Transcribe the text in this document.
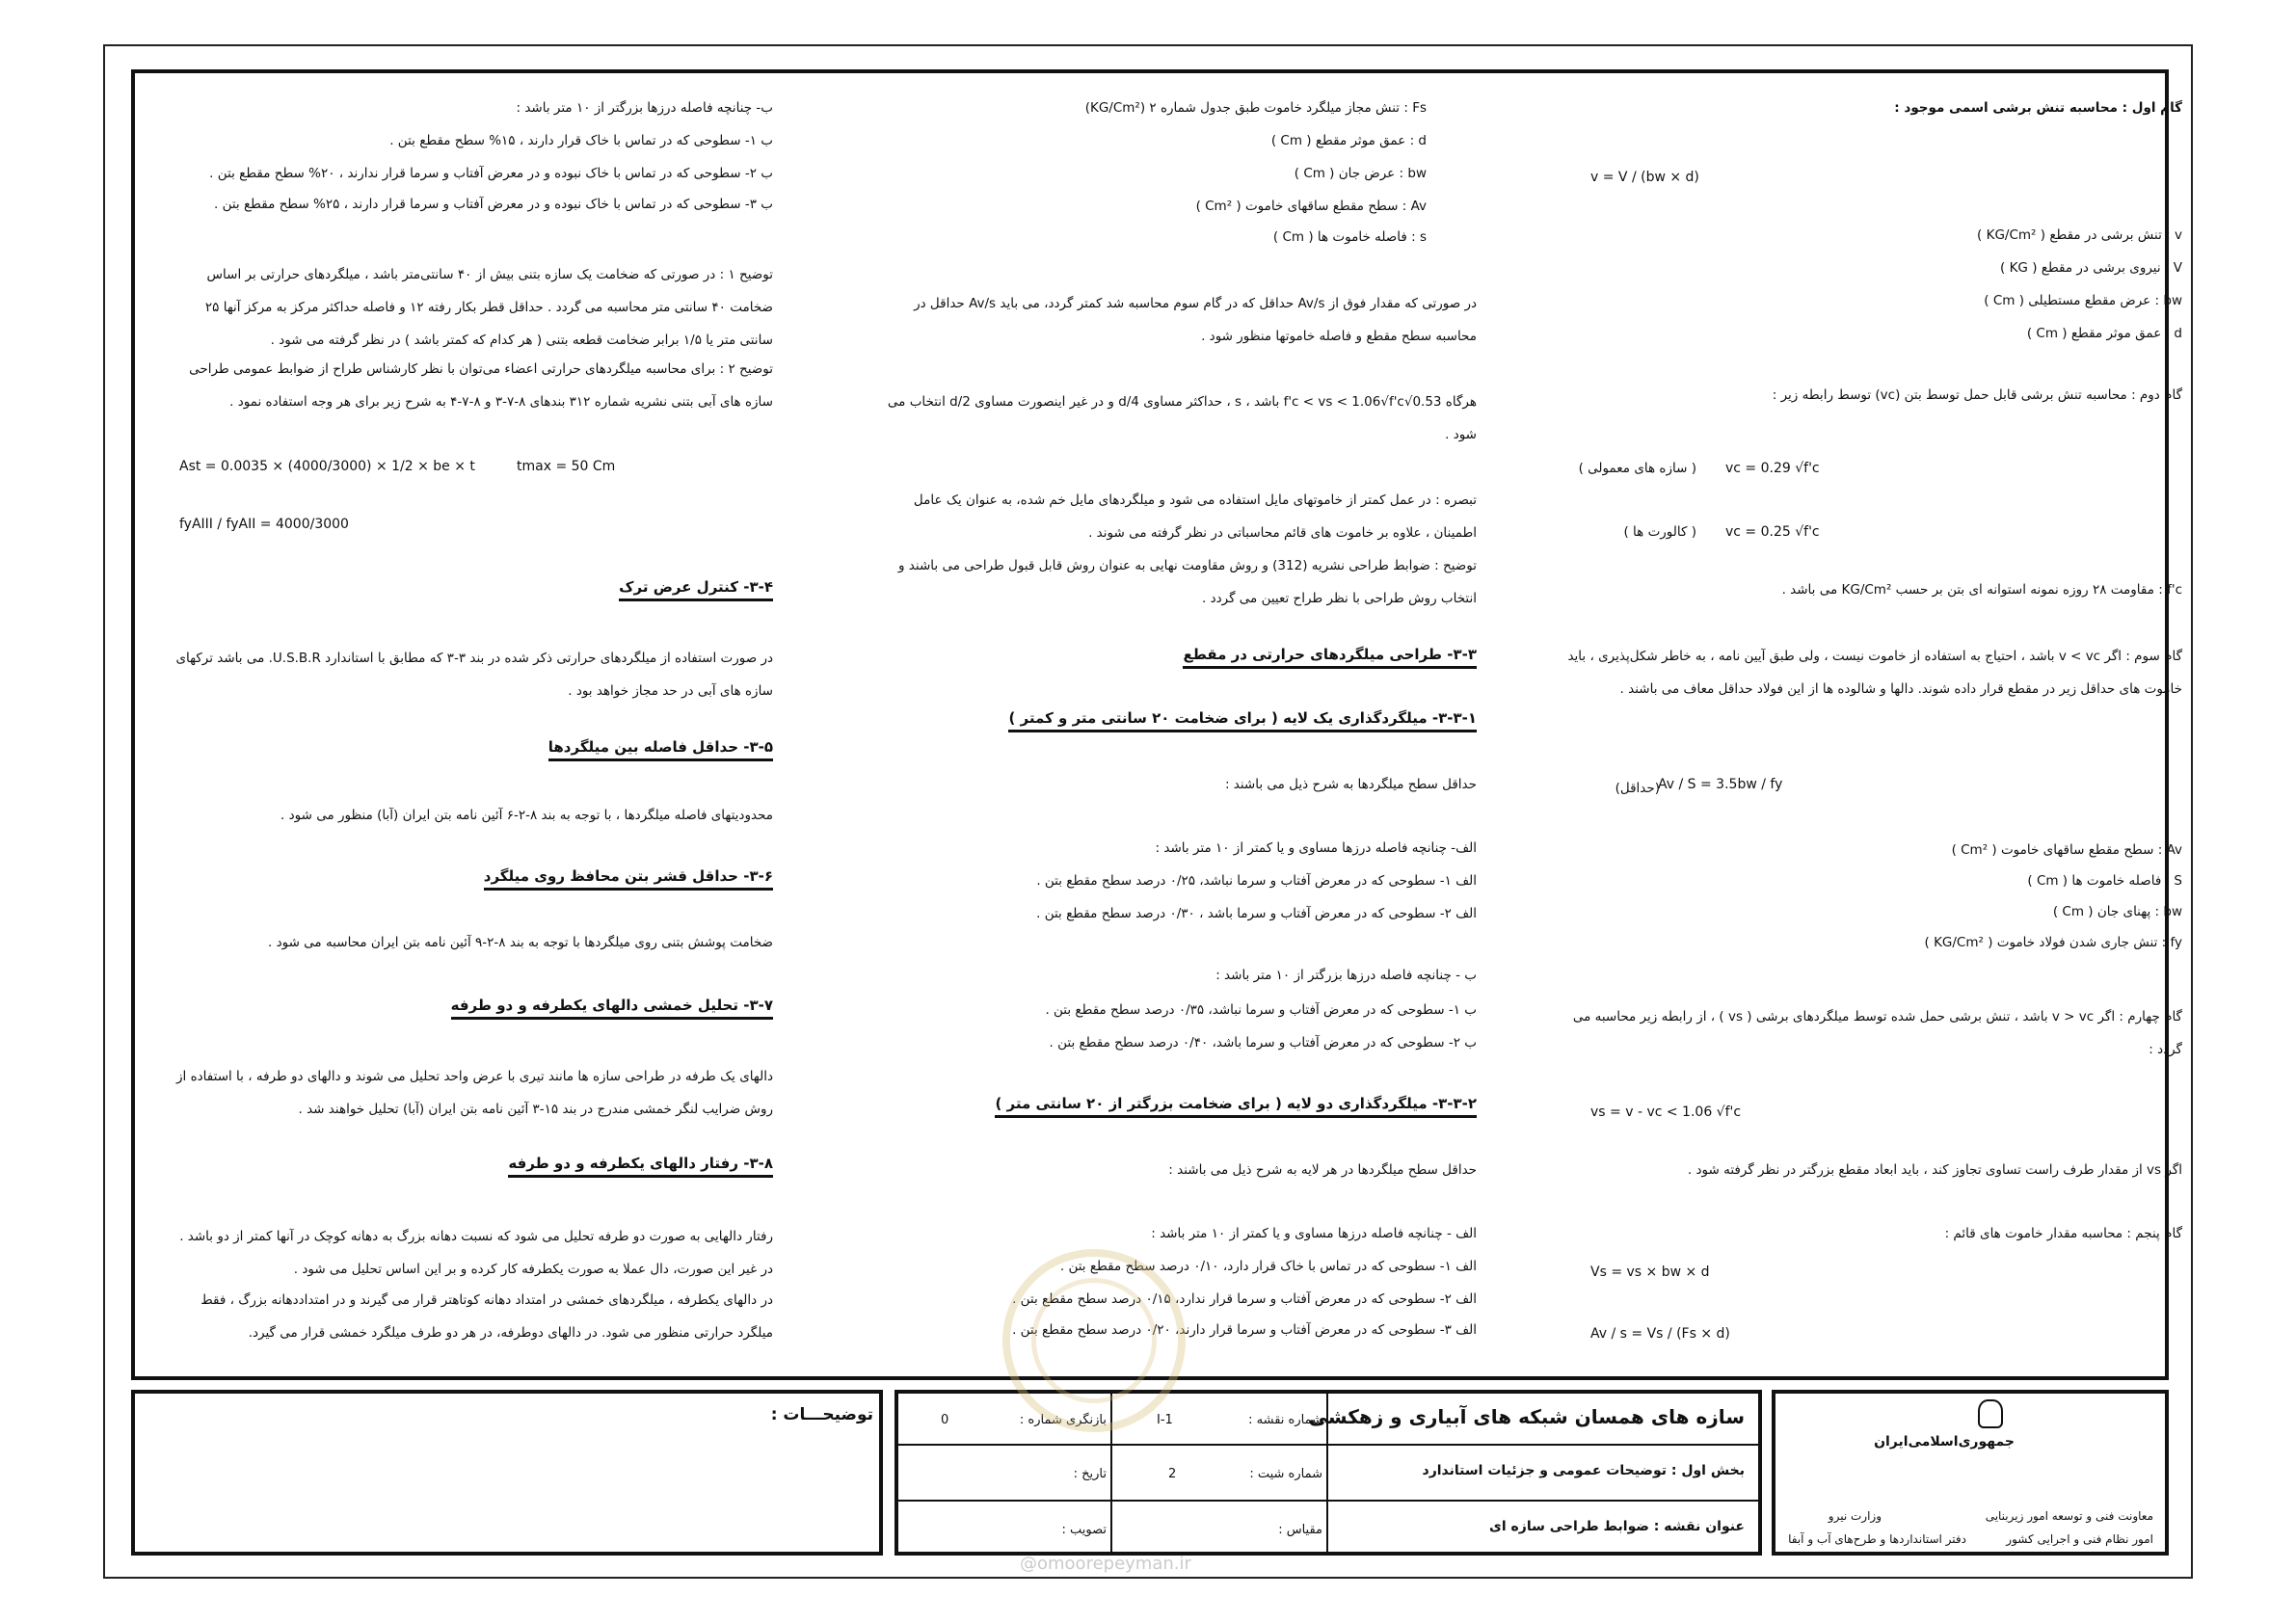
گام اول : محاسبه تنش برشی اسمی موجود :
v = V / (bw × d)
v : تنش برشی در مقطع ( KG/Cm² )
V : نیروی برشی در مقطع ( KG )
bw : عرض مقطع مستطیلی ( Cm )
d : عمق موثر مقطع ( Cm )
گام دوم : محاسبه تنش برشی قابل حمل توسط بتن (vc) توسط رابطه زیر :
vc = 0.29 √f'c
( سازه های معمولی )
vc = 0.25 √f'c
( کالورت ها )
f'c : مقاومت ۲۸ روزه نمونه استوانه ای بتن بر حسب KG/Cm² می باشد .
گام سوم : اگر v < vc باشد ، احتیاج به استفاده از خاموت نیست ، ولی طبق آیین نامه ، به خاطر شکل‌پذیری ، باید خاموت های حداقل زیر در مقطع قرار داده شوند. دالها و شالوده ها از این فولاد حداقل معاف می باشند .
Av / S = 3.5bw / fy
(حداقل)
Av : سطح مقطع ساقهای خاموت ( Cm² )
S : فاصله خاموت ها ( Cm )
bw : پهنای جان ( Cm )
fy : تنش جاری شدن فولاد خاموت ( KG/Cm² )
گام چهارم : اگر v > vc باشد ، تنش برشی حمل شده توسط میلگردهای برشی ( vs ) ، از رابطه زیر محاسبه می گردد :
vs = v - vc < 1.06 √f'c
اگر vs از مقدار طرف راست تساوی تجاوز کند ، باید ابعاد مقطع بزرگتر در نظر گرفته شود .
گام پنجم : محاسبه مقدار خاموت های قائم :
Vs = vs × bw × d
Av / s = Vs / (Fs × d)
Fs : تنش مجاز میلگرد خاموت طبق جدول شماره ۲ (KG/Cm²)
d : عمق موثر مقطع ( Cm )
bw : عرض جان ( Cm )
Av : سطح مقطع ساقهای خاموت ( Cm² )
s : فاصله خاموت ها ( Cm )
در صورتی که مقدار فوق از Av/s حداقل که در گام سوم محاسبه شد کمتر گردد، می باید Av/s حداقل در محاسبه سطح مقطع و فاصله خاموتها منظور شود .
هرگاه 0.53√f'c < vs < 1.06√f'c باشد ، s ، حداکثر مساوی d/4 و در غیر اینصورت مساوی d/2 انتخاب می شود .
تبصره : در عمل کمتر از خاموتهای مایل استفاده می شود و میلگردهای مایل خم شده، به عنوان یک عامل اطمینان ، علاوه بر خاموت های قائم محاسباتی در نظر گرفته می شوند .
توضیح : ضوابط طراحی نشریه (312) و روش مقاومت نهایی به عنوان روش قابل قبول طراحی می باشند و انتخاب روش طراحی با نظر طراح تعیین می گردد .
۳-۳- طراحی میلگردهای حرارتی در مقطع
۳-۳-۱- میلگردگذاری یک لایه ( برای ضخامت ۲۰ سانتی متر و کمتر )
حداقل سطح میلگردها به شرح ذیل می باشند :
الف- چنانچه فاصله درزها مساوی و یا کمتر از ۱۰ متر باشد :
الف ۱- سطوحی که در معرض آفتاب و سرما نباشد، ۰/۲۵ درصد سطح مقطع بتن .
الف ۲- سطوحی که در معرض آفتاب و سرما باشد ، ۰/۳۰ درصد سطح مقطع بتن .
ب - چنانچه فاصله درزها بزرگتر از ۱۰ متر باشد :
ب ۱- سطوحی که در معرض آفتاب و سرما نباشد، ۰/۳۵ درصد سطح مقطع بتن .
ب ۲- سطوحی که در معرض آفتاب و سرما باشد، ۰/۴۰ درصد سطح مقطع بتن .
۳-۳-۲- میلگردگذاری دو لایه ( برای ضخامت بزرگتر از ۲۰ سانتی متر )
حداقل سطح میلگردها در هر لایه به شرح ذیل می باشند :
الف - چنانچه فاصله درزها مساوی و یا کمتر از ۱۰ متر باشد :
الف ۱- سطوحی که در تماس با خاک قرار دارد، ۰/۱۰ درصد سطح مقطع بتن .
الف ۲- سطوحی که در معرض آفتاب و سرما قرار ندارد، ۰/۱۵ درصد سطح مقطع بتن .
الف ۳- سطوحی که در معرض آفتاب و سرما قرار دارند، ۰/۲۰ درصد سطح مقطع بتن .
ب- چنانچه فاصله درزها بزرگتر از ۱۰ متر باشد :
ب ۱- سطوحی که در تماس با خاک قرار دارند ، ۱۵% سطح مقطع بتن .
ب ۲- سطوحی که در تماس با خاک نبوده و در معرض آفتاب و سرما قرار ندارند ، ۲۰% سطح مقطع بتن .
ب ۳- سطوحی که در تماس با خاک نبوده و در معرض آفتاب و سرما قرار دارند ، ۲۵% سطح مقطع بتن .
توضیح ۱ : در صورتی که ضخامت یک سازه بتنی بیش از ۴۰ سانتی‌متر باشد ، میلگردهای حرارتی بر اساس ضخامت ۴۰ سانتی متر محاسبه می گردد . حداقل قطر بکار رفته ۱۲ و فاصله حداکثر مرکز به مرکز آنها ۲۵ سانتی متر یا ۱/۵ برابر ضخامت قطعه بتنی ( هر کدام که کمتر باشد ) در نظر گرفته می شود .
توضیح ۲ : برای محاسبه میلگردهای حرارتی اعضاء می‌توان با نظر کارشناس طراح از ضوابط عمومی طراحی سازه های آبی بتنی نشریه شماره ۳۱۲ بندهای ۸-۷-۳ و ۸-۷-۴ به شرح زیر برای هر وجه استفاده نمود .
Ast = 0.0035 × (4000/3000) × 1/2 × be × t	tmax = 50 Cm
fyAIII / fyAII = 4000/3000
۳-۴- کنترل عرض ترک
در صورت استفاده از میلگردهای حرارتی ذکر شده در بند ۳-۳ که مطابق با استاندارد U.S.B.R. می باشد ترکهای سازه های آبی در حد مجاز خواهد بود .
۳-۵- حداقل فاصله بین میلگردها
محدودیتهای فاصله میلگردها ، با توجه به بند ۸-۲-۶ آئین نامه بتن ایران (آبا) منظور می شود .
۳-۶- حداقل قشر بتن محافظ روی میلگرد
ضخامت پوشش بتنی روی میلگردها با توجه به بند ۸-۲-۹ آئین نامه بتن ایران محاسبه می شود .
۳-۷- تحلیل خمشی دالهای یکطرفه و دو طرفه
دالهای یک طرفه در طراحی سازه ها مانند تیری با عرض واحد تحلیل می شوند و دالهای دو طرفه ، با استفاده از روش ضرایب لنگر خمشی مندرج در بند ۱۵-۳ آئین نامه بتن ایران (آبا) تحلیل خواهند شد .
۳-۸- رفتار دالهای یکطرفه و دو طرفه
رفتار دالهایی به صورت دو طرفه تحلیل می شود که نسبت دهانه بزرگ به دهانه کوچک در آنها کمتر از دو باشد . در غیر این صورت، دال عملا به صورت یکطرفه کار کرده و بر این اساس تحلیل می شود .
در دالهای یکطرفه ، میلگردهای خمشی در امتداد دهانه کوتاهتر قرار می گیرند و در امتداددهانه بزرگ ، فقط میلگرد حرارتی منظور می شود. در دالهای دوطرفه، در هر دو طرف میلگرد خمشی قرار می گیرد.
توضیحـــات :	سازه های همسان شبکه های آبیاری و زهکشی
بخش اول : توضیحات عمومی و جزئیات استاندارد
عنوان نقشه : ضوابط طراحی سازه ای
شماره نقشه :
I-1
بازنگری شماره :
0
شماره شیت :
2
تاریخ :
مقیاس :
تصویب :
جمهوری‌اسلامی‌ایران
معاونت فنی و توسعه امور زیربنایی
امور نظام فنی و اجرایی کشور
وزارت نیرو
دفتر استانداردها و طرح‌های آب و آبفا
@omoorepeyman.ir
